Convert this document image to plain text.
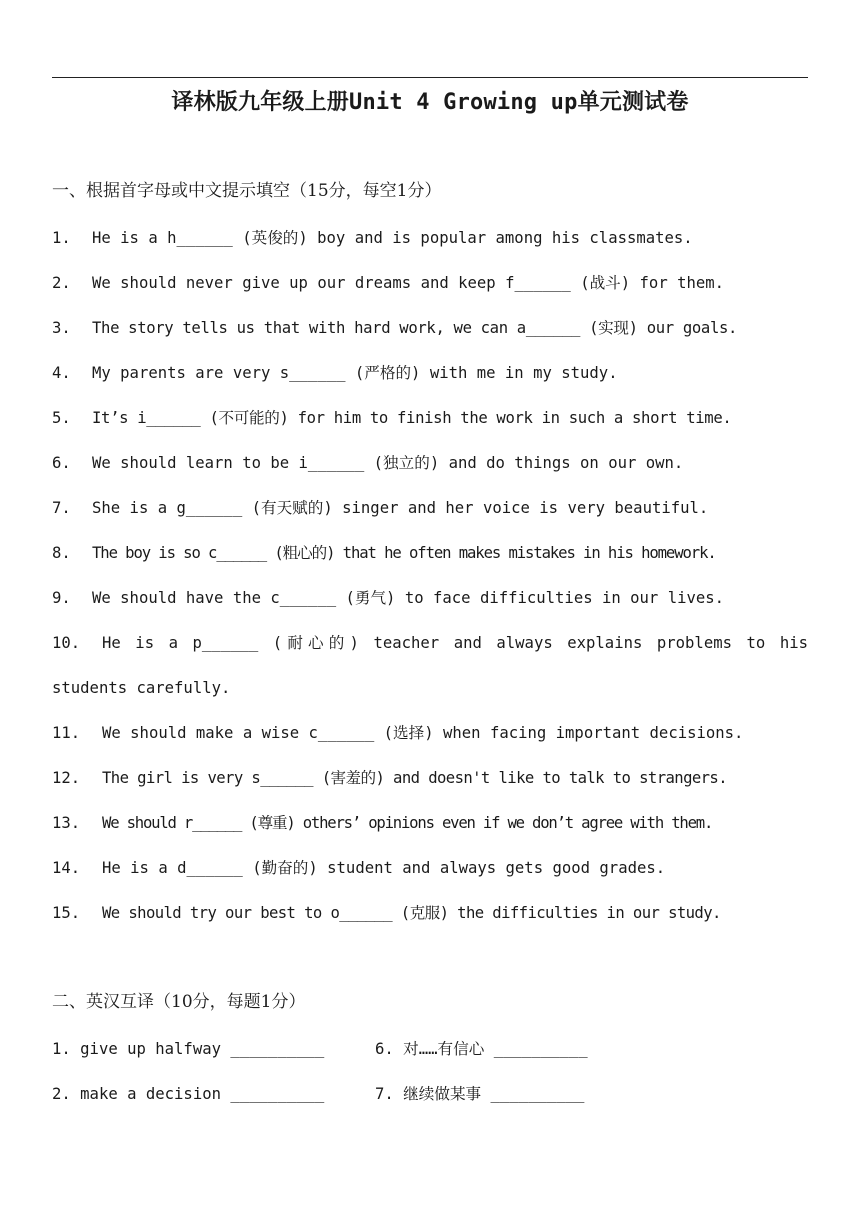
译林版九年级上册Unit 4 Growing up单元测试卷
一、根据首字母或中文提示填空（15分，每空1分）
1. He is a h______ (英俊的) boy and is popular among his classmates.
2. We should never give up our dreams and keep f______ (战斗) for them.
3. The story tells us that with hard work, we can a______ (实现) our goals.
4. My parents are very s______ (严格的) with me in my study.
5. It’s i______ (不可能的) for him to finish the work in such a short time.
6. We should learn to be i______ (独立的) and do things on our own.
7. She is a g______ (有天赋的) singer and her voice is very beautiful.
8. The boy is so c______ (粗心的) that he often makes mistakes in his homework.
9. We should have the c______ (勇气) to face difficulties in our lives.
10. He is a p______ (耐心的) teacher and always explains problems to his
students carefully.
11. We should make a wise c______ (选择) when facing important decisions.
12. The girl is very s______ (害羞的) and doesn't like to talk to strangers.
13. We should r______ (尊重) others’ opinions even if we don’t agree with them.
14. He is a d______ (勤奋的) student and always gets good grades.
15. We should try our best to o______ (克服) the difficulties in our study.
二、英汉互译（10分，每题1分）
1. give up halfway __________	6. 对……有信心 __________
2. make a decision __________	7. 继续做某事 __________
